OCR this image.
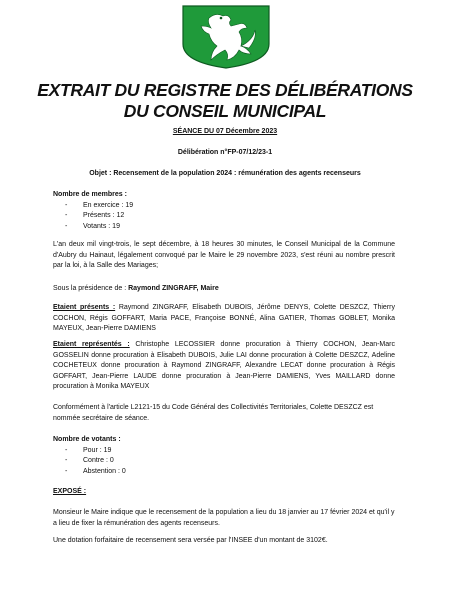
EXTRAIT DU REGISTRE DES DÉLIBÉRATIONS
DU CONSEIL MUNICIPAL
SÉANCE DU 07 Décembre 2023
Délibération n°FP-07/12/23-1
Objet : Recensement de la population 2024 : rémunération des agents recenseurs
Nombre de membres :
- En exercice : 19
- Présents : 12
- Votants : 19
L'an deux mil vingt-trois, le sept décembre, à 18 heures 30 minutes, le Conseil Municipal de la Commune d'Aubry du Hainaut, légalement convoqué par le Maire le 29 novembre 2023, s'est réuni au nombre prescrit par la loi, à la Salle des Mariages;
Sous la présidence de : Raymond ZINGRAFF, Maire
Etaient présents : Raymond ZINGRAFF, Elisabeth DUBOIS, Jérôme DENYS, Colette DESZCZ, Thierry COCHON, Régis GOFFART, Maria PACE, Françoise BONNÉ, Alina GATIER, Thomas GOBLET, Monika MAYEUX, Jean-Pierre DAMIENS
Etaient représentés : Christophe LECOSSIER donne procuration à Thierry COCHON, Jean-Marc GOSSELIN donne procuration à Elisabeth DUBOIS, Julie LAI donne procuration à Colette DESZCZ, Adeline COCHETEUX donne procuration à Raymond ZINGRAFF, Alexandre LECAT donne procuration à Régis GOFFART, Jean-Pierre LAUDE donne procuration à Jean-Pierre DAMIENS, Yves MAILLARD donne procuration à Monika MAYEUX
Conformément à l'article L2121-15 du Code Général des Collectivités Territoriales, Colette DESZCZ est nommée secrétaire de séance.
Nombre de votants :
- Pour : 19
- Contre : 0
- Abstention : 0
EXPOSÉ :
Monsieur le Maire indique que le recensement de la population a lieu du 18 janvier au 17 février 2024 et qu'il y a lieu de fixer la rémunération des agents recenseurs.
Une dotation forfaitaire de recensement sera versée par l'INSEE d'un montant de 3102€.
